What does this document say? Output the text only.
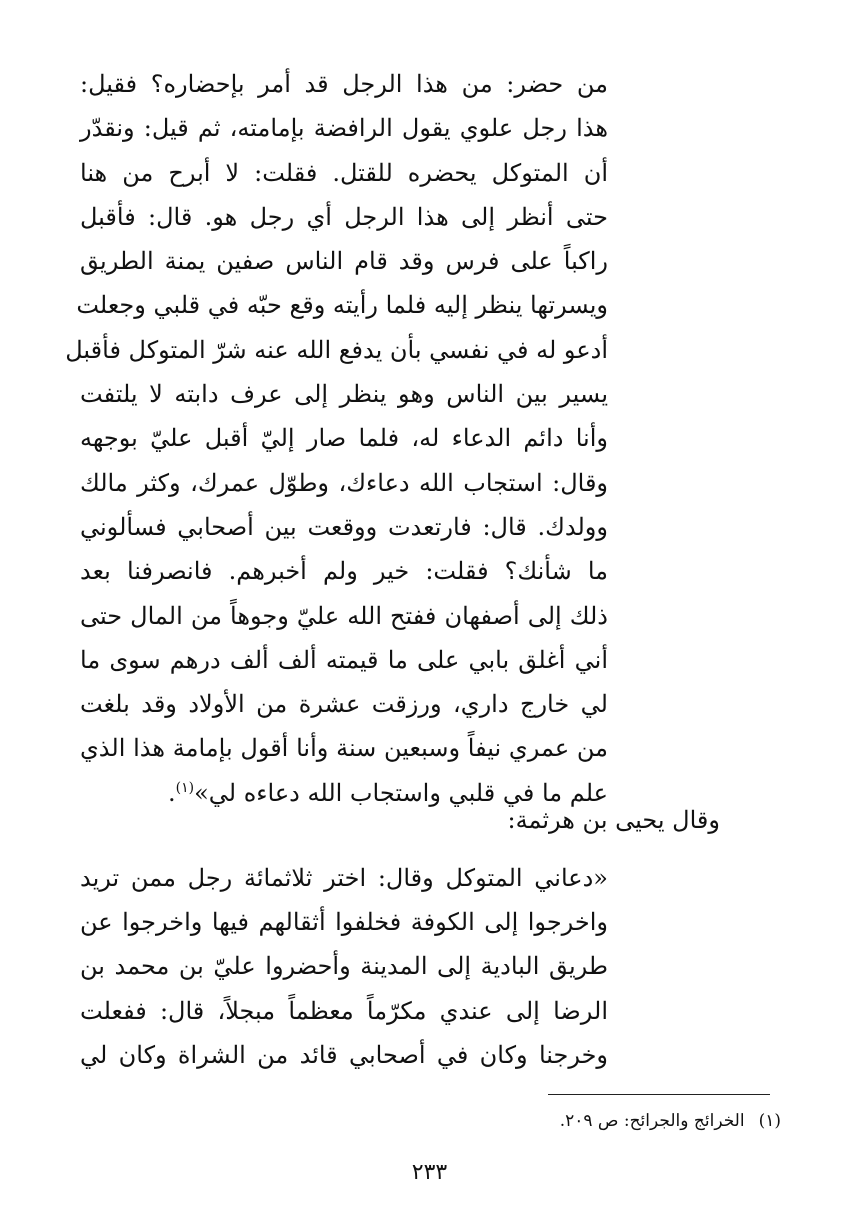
من حضر: من هذا الرجل قد أمر بإحضاره؟ فقيل:
هذا رجل علوي يقول الرافضة بإمامته، ثم قيل: ونقدّر
أن المتوكل يحضره للقتل. فقلت: لا أبرح من هنا
حتى أنظر إلى هذا الرجل أي رجل هو. قال: فأقبل
راكباً على فرس وقد قام الناس صفين يمنة الطريق
ويسرتها ينظر إليه فلما رأيته وقع حبّه في قلبي وجعلت
أدعو له في نفسي بأن يدفع الله عنه شرّ المتوكل فأقبل
يسير بين الناس وهو ينظر إلى عرف دابته لا يلتفت
وأنا دائم الدعاء له، فلما صار إليّ أقبل عليّ بوجهه
وقال: استجاب الله دعاءك، وطوّل عمرك، وكثر مالك
وولدك. قال: فارتعدت ووقعت بين أصحابي فسألوني
ما شأنك؟ فقلت: خير ولم أخبرهم. فانصرفنا بعد
ذلك إلى أصفهان ففتح الله عليّ وجوهاً من المال حتى
أني أغلق بابي على ما قيمته ألف ألف درهم سوى ما
لي خارج داري، ورزقت عشرة من الأولاد وقد بلغت
من عمري نيفاً وسبعين سنة وأنا أقول بإمامة هذا الذي
علم ما في قلبي واستجاب الله دعاءه لي»$^{(١)}$.
وقال يحيى بن هرثمة:
«دعاني المتوكل وقال: اختر ثلاثمائة رجل ممن تريد
واخرجوا إلى الكوفة فخلفوا أثقالهم فيها واخرجوا عن
طريق البادية إلى المدينة وأحضروا عليّ بن محمد بن
الرضا إلى عندي مكرّماً معظماً مبجلاً، قال: ففعلت
وخرجنا وكان في أصحابي قائد من الشراة وكان لي
(١)الخرائج والجرائح: ص ٢٠٩.
٢٣٣
